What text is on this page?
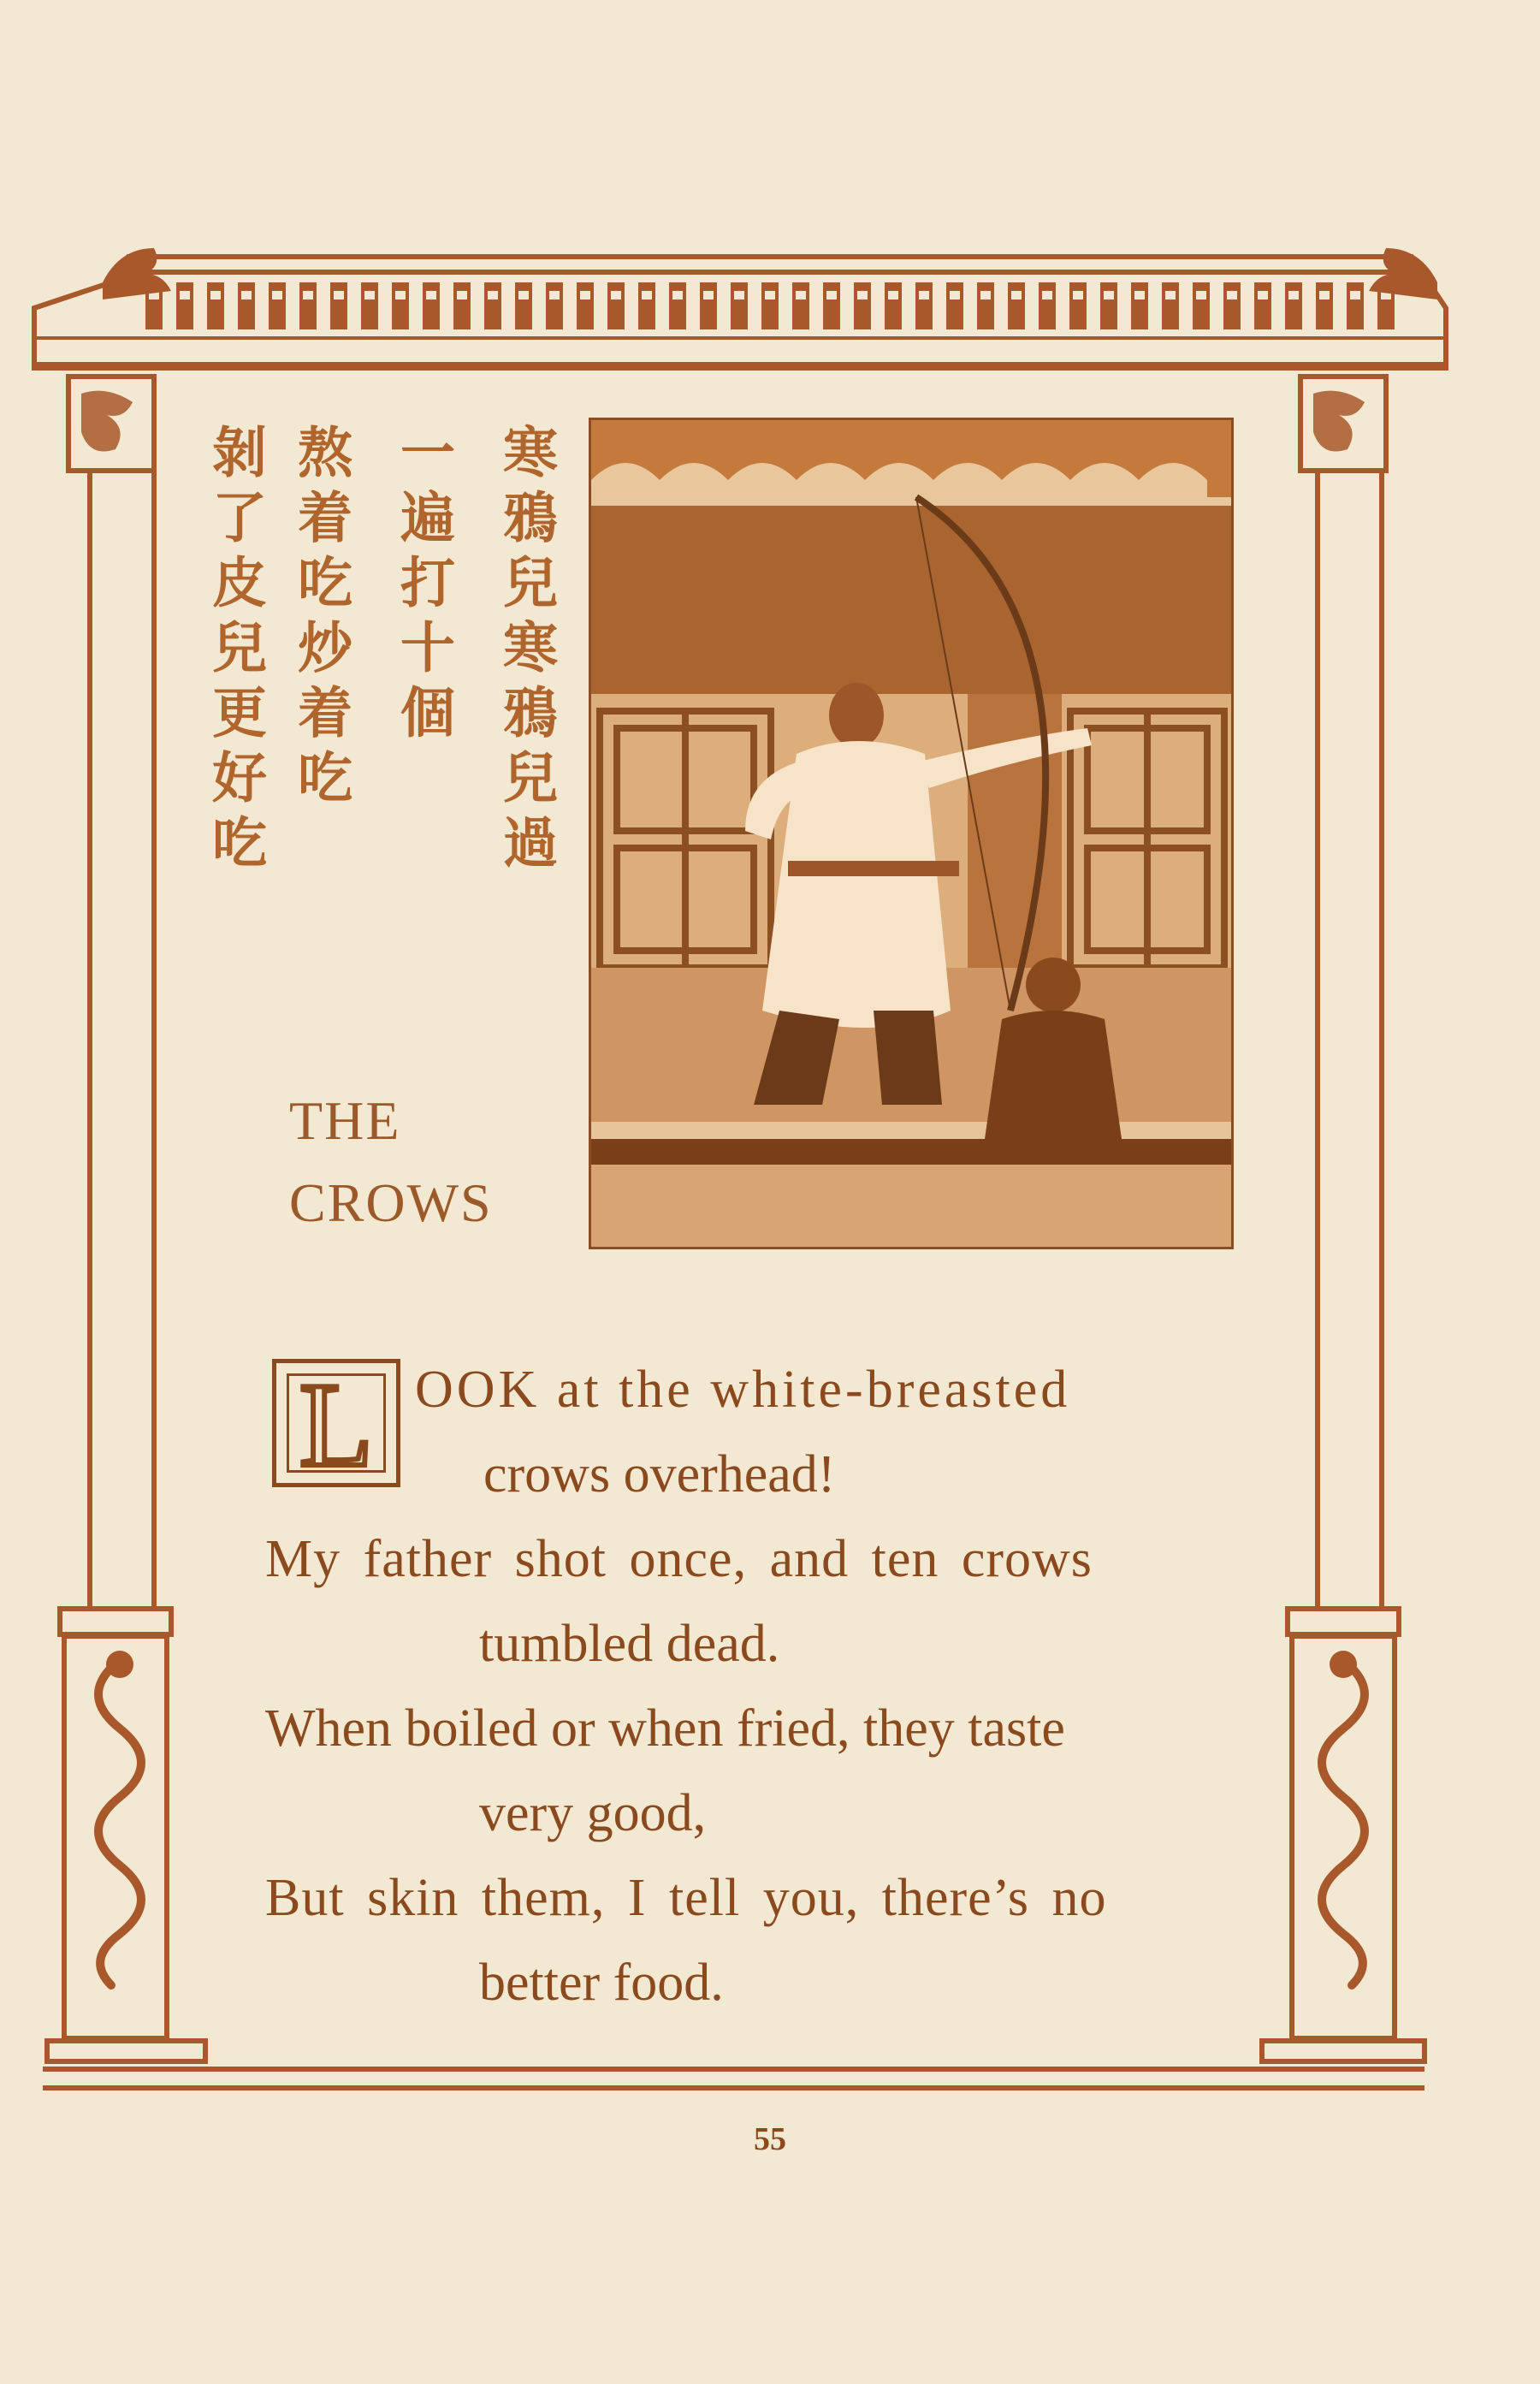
寒鴉兒寒鴉兒過
一遍打十個
熬着吃炒着吃
剝了皮兒更好吃
THE
CROWS
L OOK at the white-breasted
crows overhead!
My father shot once, and ten crows
tumbled dead.
When boiled or when fried, they taste
very good,
But skin them, I tell you, there’s no
better food.
55
